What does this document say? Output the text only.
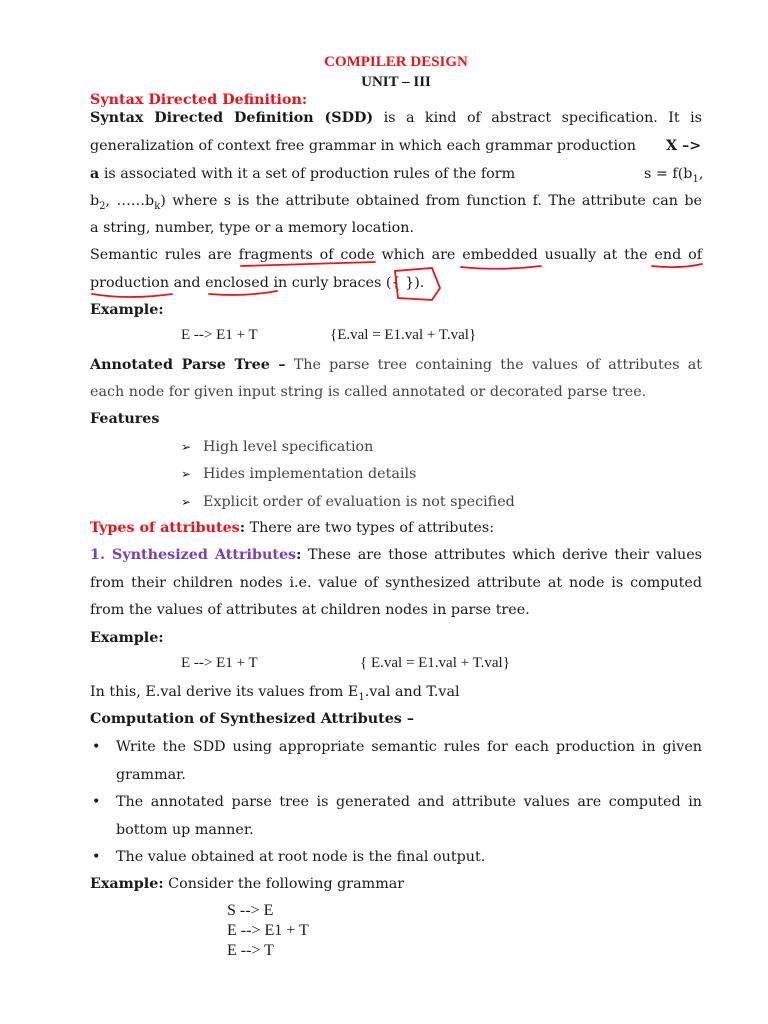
COMPILER DESIGN
UNIT – III
Syntax Directed Definition:
Syntax Directed Definition (SDD) is a kind of abstract specification. It is
generalization of context free grammar in which each grammar production X –>
a is associated with it a set of production rules of the form	$s = f(b_1$,
$b_2$, $\dots\dots b_k$) where s is the attribute obtained from function f. The attribute can be
a string, number, type or a memory location.
Semantic rules are fragments of code which are embedded usually at the end of
production and enclosed in curly braces ({ }).
Example:
E --> E1 + T	{E.val = E1.val + T.val}
Annotated Parse Tree – The parse tree containing the values of attributes at
each node for given input string is called annotated or decorated parse tree.
Features
➢ High level specification
➢ Hides implementation details
➢ Explicit order of evaluation is not specified
Types of attributes: There are two types of attributes:
1. Synthesized Attributes: These are those attributes which derive their values
from their children nodes i.e. value of synthesized attribute at node is computed
from the values of attributes at children nodes in parse tree.
Example:
E --> E1 + T	{ E.val = E1.val + T.val}
In this, E.val derive its values from $E_1.val$ and T.val
Computation of Synthesized Attributes –
• Write the SDD using appropriate semantic rules for each production in given
grammar.
• The annotated parse tree is generated and attribute values are computed in
bottom up manner.
• The value obtained at root node is the final output.
Example: Consider the following grammar
S --> E
E --> E1 + T
E --> T
